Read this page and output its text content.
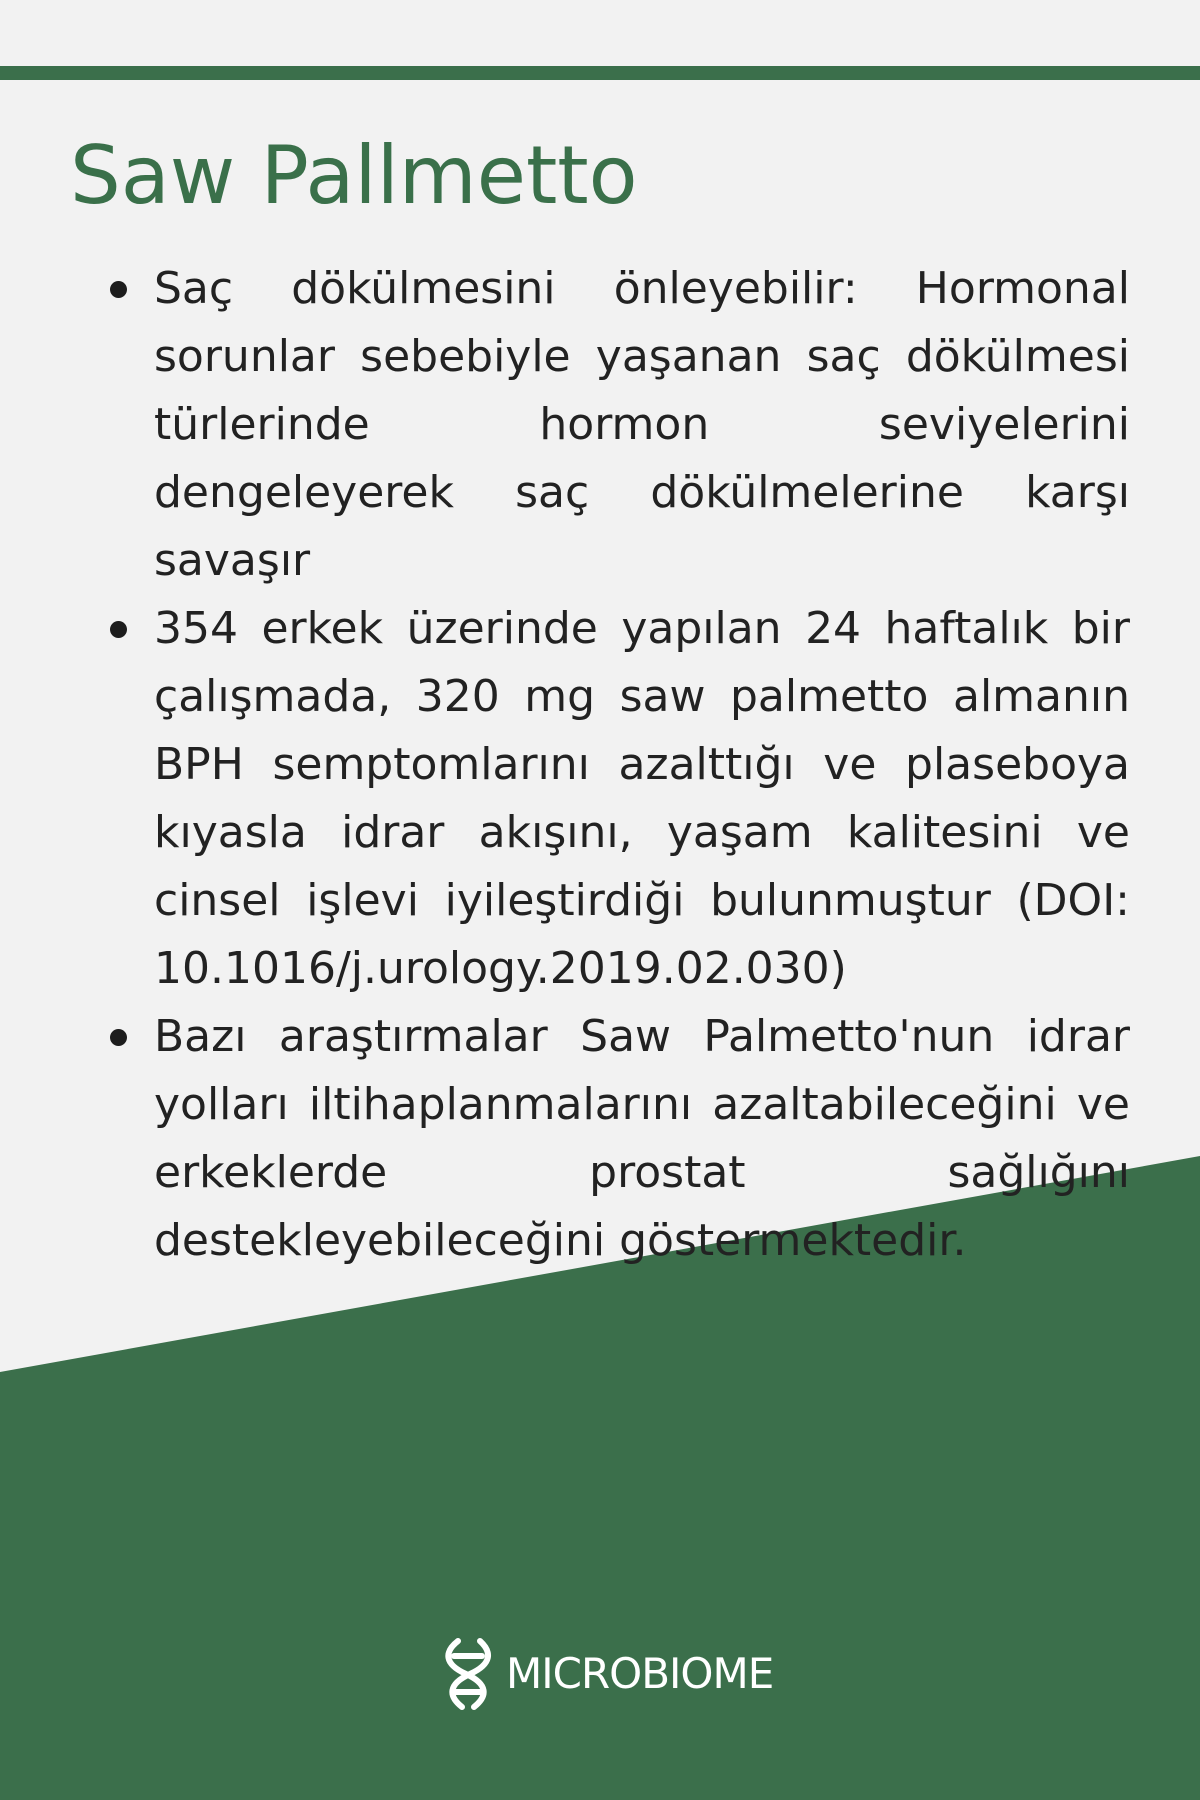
Saw Pallmetto
Saç dökülmesini önleyebilir: Hormonal sorunlar sebebiyle yaşanan saç dökülmesi türlerinde hormon seviyelerini dengeleyerek saç dökülmelerine karşı savaşır
354 erkek üzerinde yapılan 24 haftalık bir çalışmada, 320 mg saw palmetto almanın BPH semptomlarını azalttığı ve plaseboya kıyasla idrar akışını, yaşam kalitesini ve cinsel işlevi iyileştirdiği bulunmuştur (DOI: 10.1016/j.urology.2019.02.030)
Bazı araştırmalar Saw Palmetto'nun idrar yolları iltihaplanmalarını azaltabileceğini ve erkeklerde prostat sağlığını destekleyebileceğini göstermektedir.
MICROBIOME
